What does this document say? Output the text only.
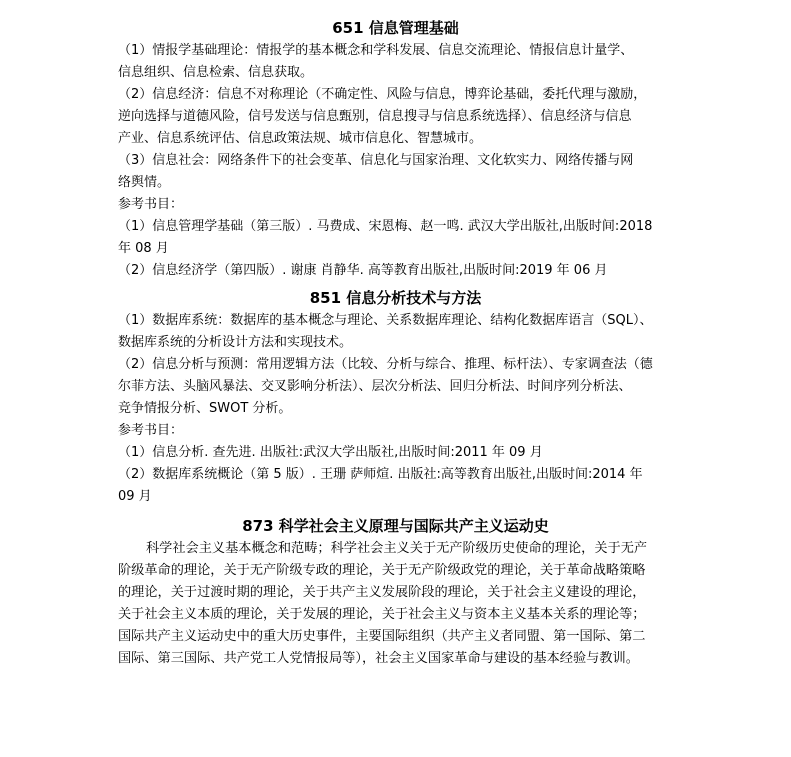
651 信息管理基础
（1）情报学基础理论：情报学的基本概念和学科发展、信息交流理论、情报信息计量学、
信息组织、信息检索、信息获取。
（2）信息经济：信息不对称理论（不确定性、风险与信息，博弈论基础，委托代理与激励，
逆向选择与道德风险，信号发送与信息甄别，信息搜寻与信息系统选择）、信息经济与信息
产业、信息系统评估、信息政策法规、城市信息化、智慧城市。
（3）信息社会：网络条件下的社会变革、信息化与国家治理、文化软实力、网络传播与网
络舆情。
参考书目：
（1）信息管理学基础（第三版）. 马费成、宋恩梅、赵一鸣. 武汉大学出版社,出版时间:2018
年 08 月
（2）信息经济学（第四版）. 谢康 肖静华. 高等教育出版社,出版时间:2019 年 06 月
851 信息分析技术与方法
（1）数据库系统：数据库的基本概念与理论、关系数据库理论、结构化数据库语言（SQL）、
数据库系统的分析设计方法和实现技术。
（2）信息分析与预测：常用逻辑方法（比较、分析与综合、推理、标杆法）、专家调查法（德
尔菲方法、头脑风暴法、交叉影响分析法）、层次分析法、回归分析法、时间序列分析法、
竞争情报分析、SWOT 分析。
参考书目：
（1）信息分析. 查先进. 出版社:武汉大学出版社,出版时间:2011 年 09 月
（2）数据库系统概论（第 5 版）. 王珊 萨师煊. 出版社:高等教育出版社,出版时间:2014 年
09 月
873 科学社会主义原理与国际共产主义运动史
科学社会主义基本概念和范畴；科学社会主义关于无产阶级历史使命的理论，关于无产
阶级革命的理论，关于无产阶级专政的理论，关于无产阶级政党的理论，关于革命战略策略
的理论，关于过渡时期的理论，关于共产主义发展阶段的理论，关于社会主义建设的理论，
关于社会主义本质的理论，关于发展的理论，关于社会主义与资本主义基本关系的理论等；
国际共产主义运动史中的重大历史事件，主要国际组织（共产主义者同盟、第一国际、第二
国际、第三国际、共产党工人党情报局等），社会主义国家革命与建设的基本经验与教训。
